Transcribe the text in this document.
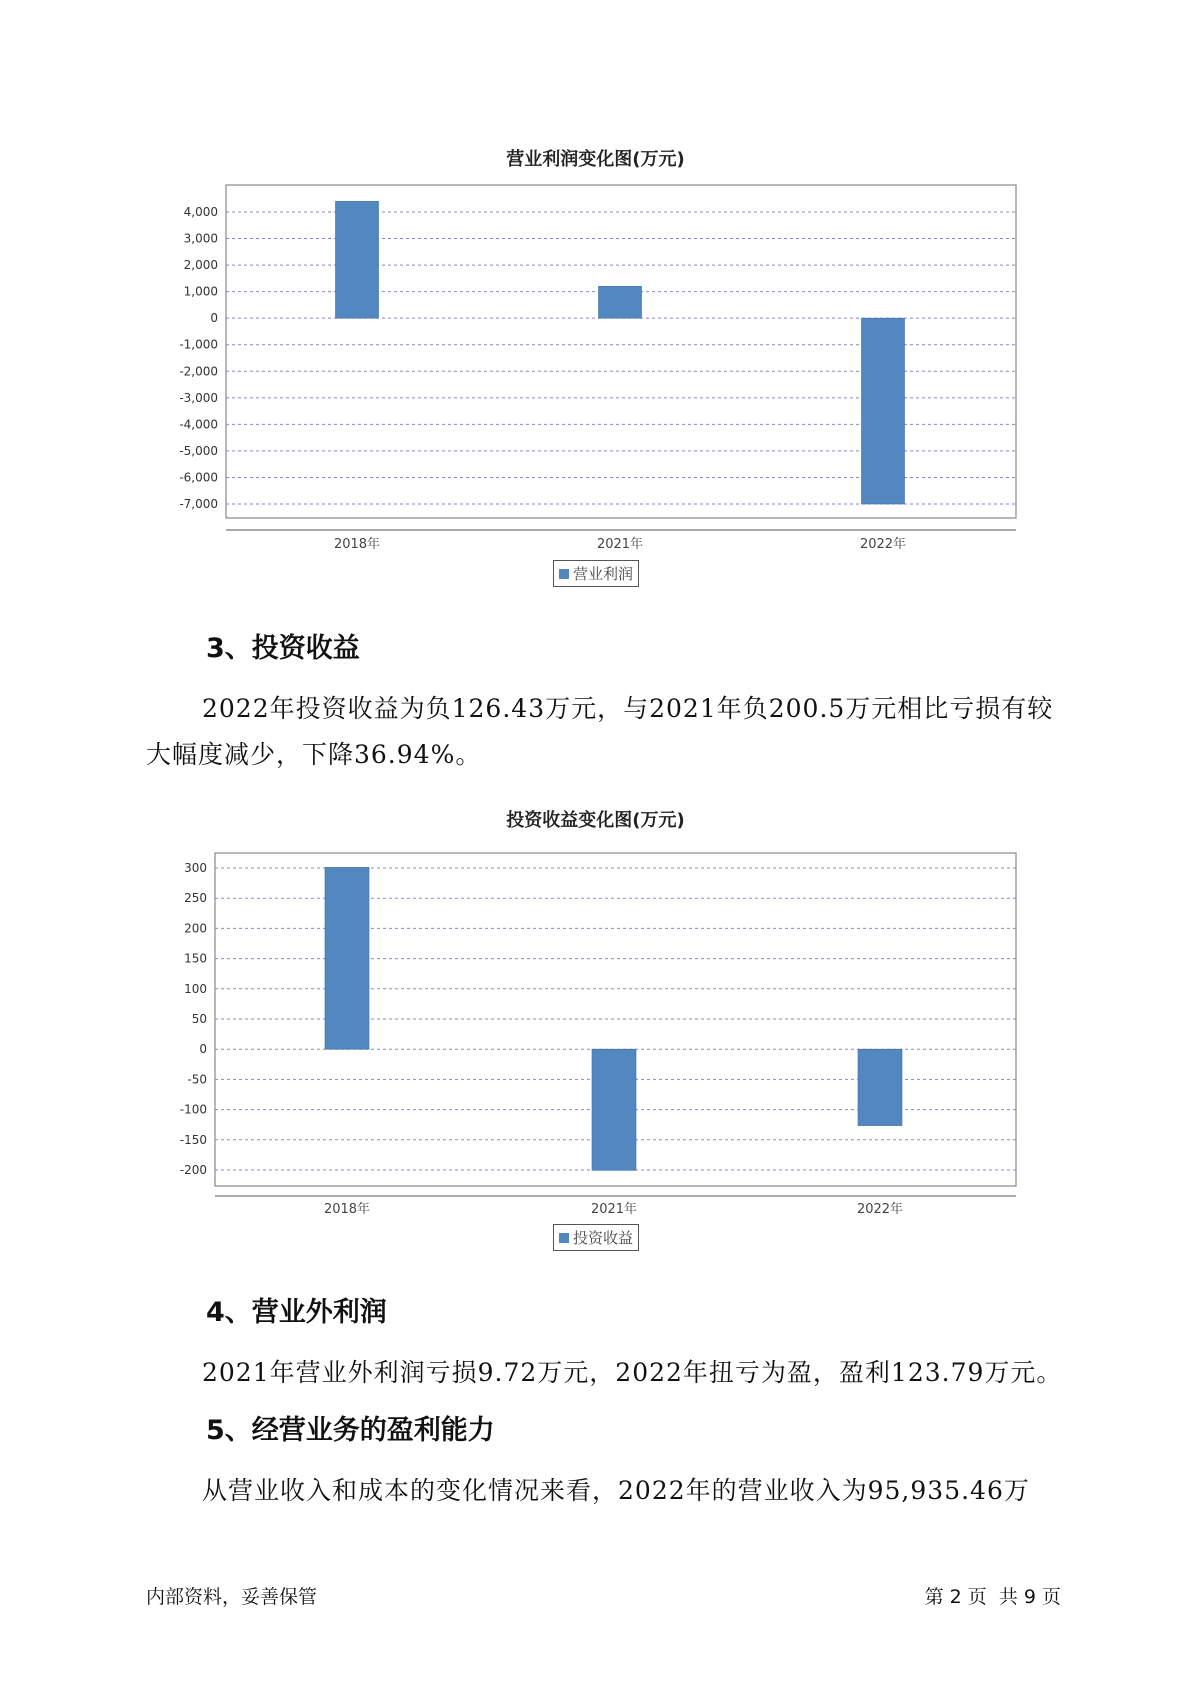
营业利润变化图(万元)
4,000
3,000
2,000
1,000
0
-1,000
-2,000
-3,000
-4,000
-5,000
-6,000
-7,000
2018年	2021年	2022年
营业利润
3、投资收益
2022年投资收益为负126.43万元，与2021年负200.5万元相比亏损有较
大幅度减少，下降36.94%。
投资收益变化图(万元)
300
250
200
150
100
50
0
-50
-100
-150
-200
2018年	2021年	2022年
投资收益
4、营业外利润
2021年营业外利润亏损9.72万元，2022年扭亏为盈，盈利123.79万元。
5、经营业务的盈利能力
从营业收入和成本的变化情况来看，2022年的营业收入为95,935.46万
内部资料，妥善保管	第 2 页  共 9 页
